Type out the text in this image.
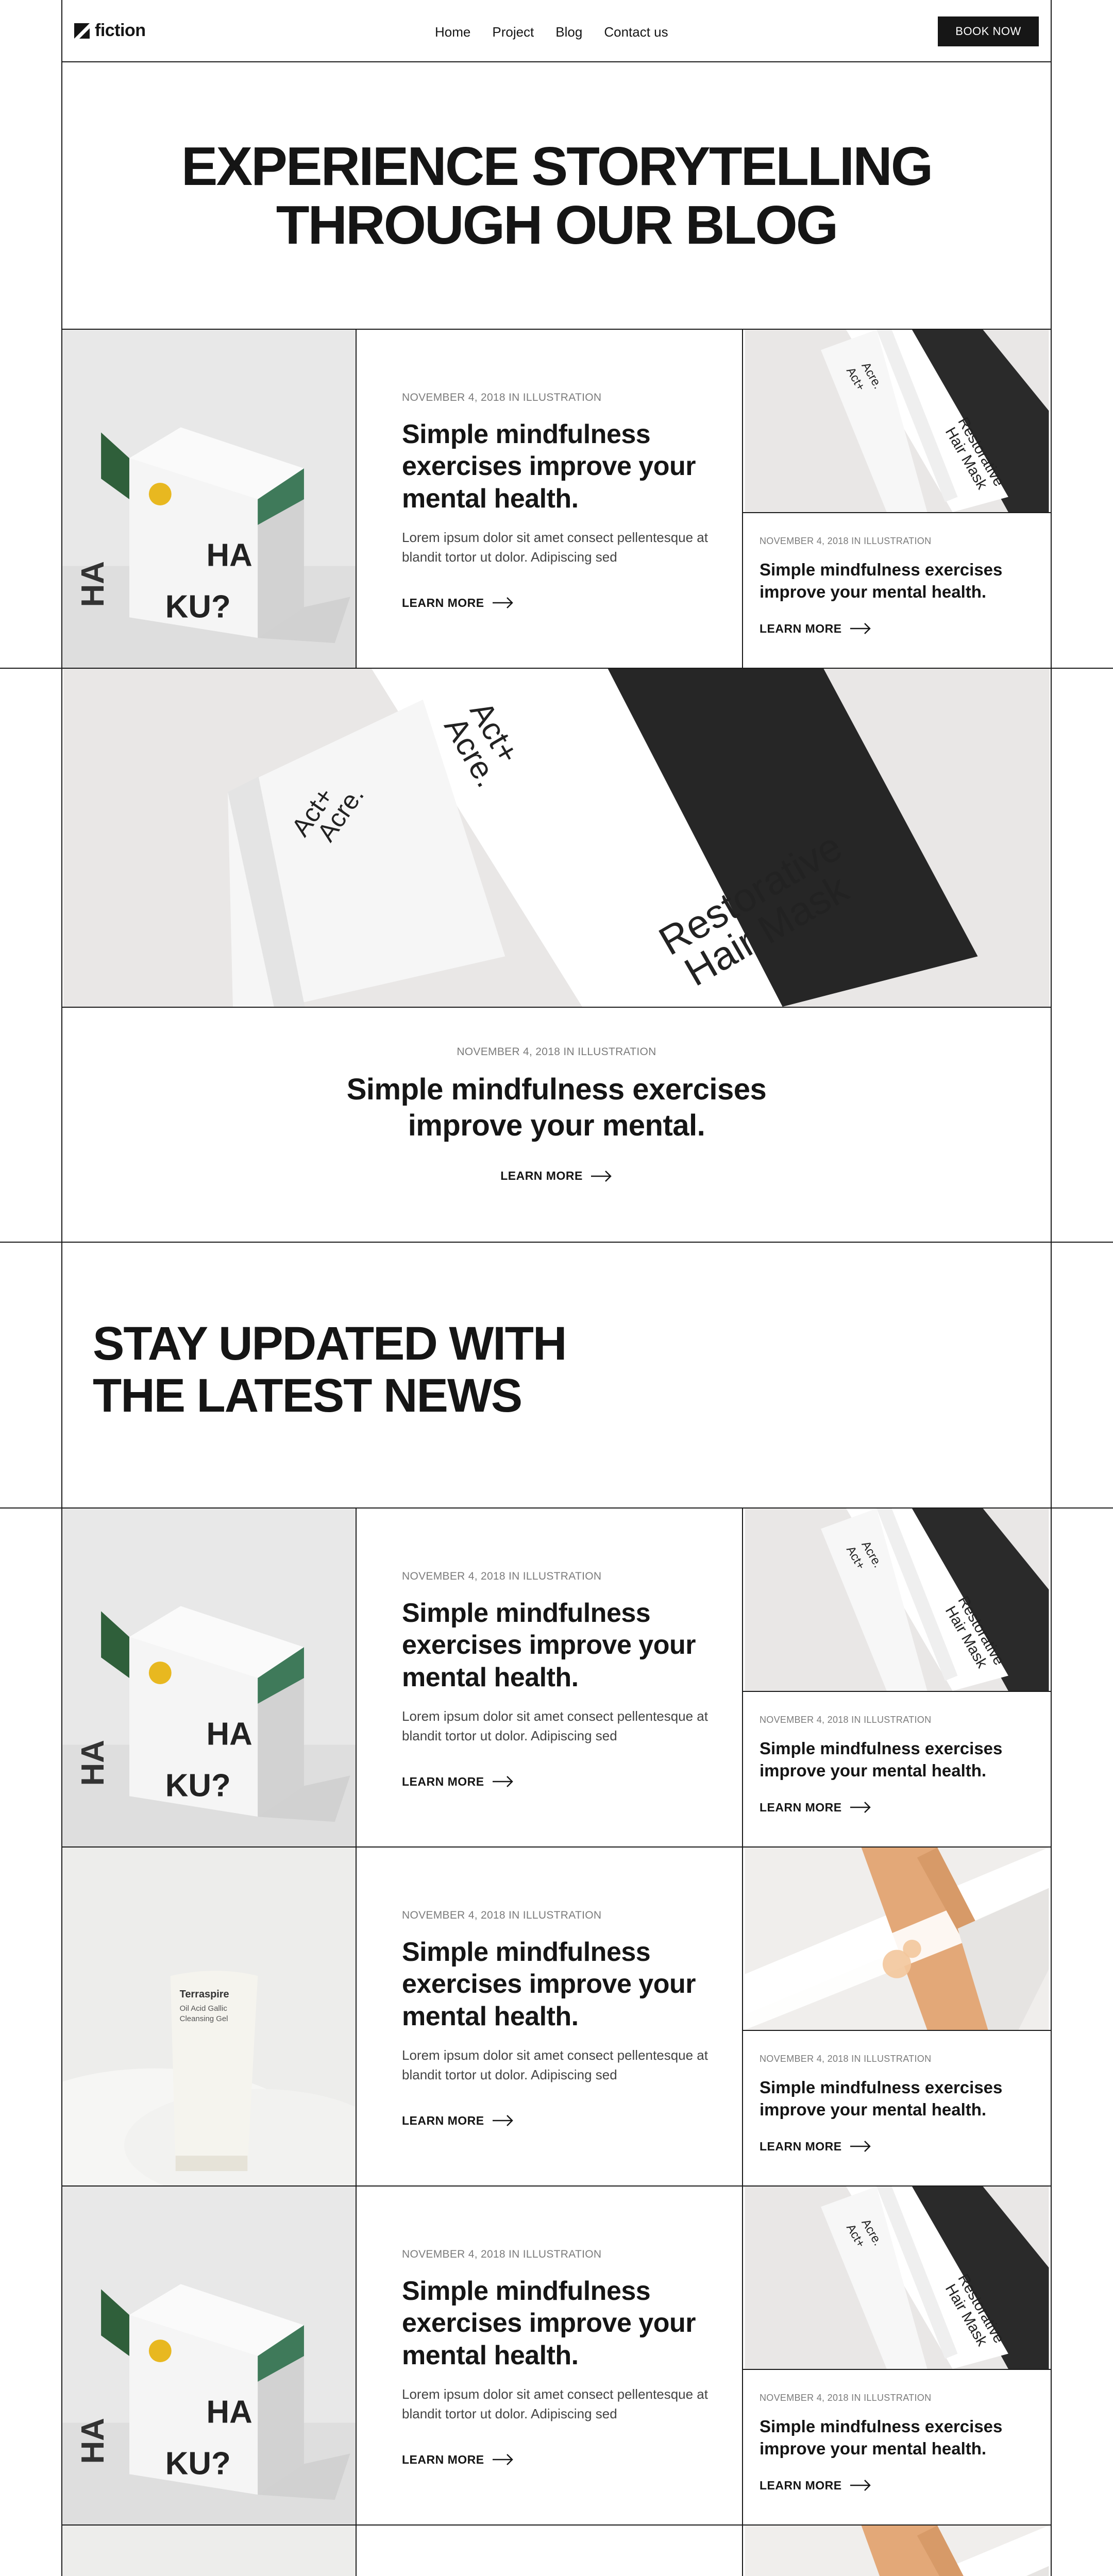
fiction	Home Project Blog Contact us	BOOK NOW
EXPERIENCE STORYTELLING
THROUGH OUR BLOG
NOVEMBER 4, 2018 IN ILLUSTRATION
Simple mindfulness exercises improve your mental health.
Lorem ipsum dolor sit amet consect pellentesque at blandit tortor ut dolor. Adipiscing sed
LEARN MORE
NOVEMBER 4, 2018 IN ILLUSTRATION
Simple mindfulness exercises improve your mental health.
LEARN MORE
NOVEMBER 4, 2018 IN ILLUSTRATION
Simple mindfulness exercises
improve your mental.
LEARN MORE
STAY UPDATED WITH
THE LATEST NEWS
NOVEMBER 4, 2018 IN ILLUSTRATION
Simple mindfulness exercises improve your mental health.
Lorem ipsum dolor sit amet consect pellentesque at blandit tortor ut dolor. Adipiscing sed
LEARN MORE
NOVEMBER 4, 2018 IN ILLUSTRATION
Simple mindfulness exercises improve your mental health.
LEARN MORE
NOVEMBER 4, 2018 IN ILLUSTRATION
Simple mindfulness exercises improve your mental health.
Lorem ipsum dolor sit amet consect pellentesque at blandit tortor ut dolor. Adipiscing sed
LEARN MORE
NOVEMBER 4, 2018 IN ILLUSTRATION
Simple mindfulness exercises improve your mental health.
LEARN MORE
NOVEMBER 4, 2018 IN ILLUSTRATION
Simple mindfulness exercises improve your mental health.
Lorem ipsum dolor sit amet consect pellentesque at blandit tortor ut dolor. Adipiscing sed
LEARN MORE
NOVEMBER 4, 2018 IN ILLUSTRATION
Simple mindfulness exercises improve your mental health.
LEARN MORE
